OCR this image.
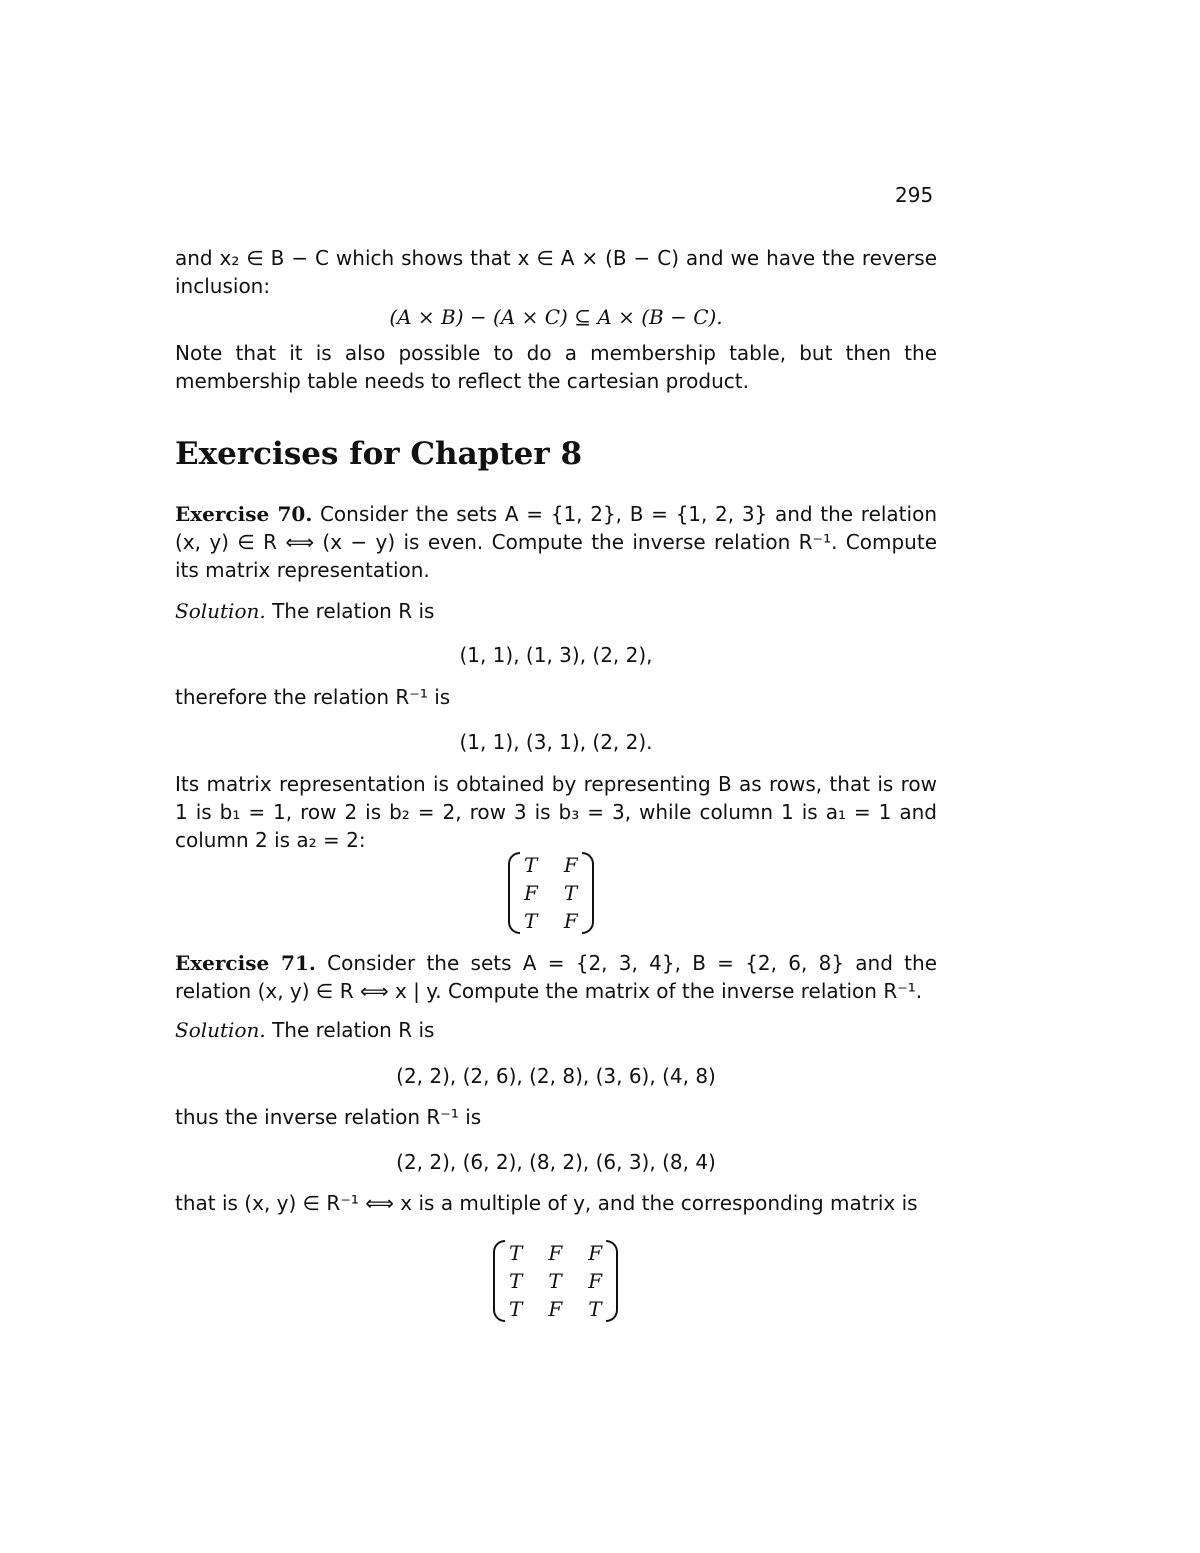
295
and x₂ ∈ B − C which shows that x ∈ A × (B − C) and we have the reverse inclusion:
(A × B) − (A × C) ⊆ A × (B − C).
Note that it is also possible to do a membership table, but then the membership table needs to reflect the cartesian product.
Exercises for Chapter 8
Exercise 70. Consider the sets A = {1, 2}, B = {1, 2, 3} and the relation (x, y) ∈ R ⟺ (x − y) is even. Compute the inverse relation R⁻¹. Compute its matrix representation.
Solution. The relation R is
(1, 1), (1, 3), (2, 2),
therefore the relation R⁻¹ is
(1, 1), (3, 1), (2, 2).
Its matrix representation is obtained by representing B as rows, that is row 1 is b₁ = 1, row 2 is b₂ = 2, row 3 is b₃ = 3, while column 1 is a₁ = 1 and column 2 is a₂ = 2:
T F
F T
T F
Exercise 71. Consider the sets A = {2, 3, 4}, B = {2, 6, 8} and the relation (x, y) ∈ R ⟺ x | y. Compute the matrix of the inverse relation R⁻¹.
Solution. The relation R is
(2, 2), (2, 6), (2, 8), (3, 6), (4, 8)
thus the inverse relation R⁻¹ is
(2, 2), (6, 2), (8, 2), (6, 3), (8, 4)
that is (x, y) ∈ R⁻¹ ⟺ x is a multiple of y, and the corresponding matrix is
T F F
T T F
T F T
